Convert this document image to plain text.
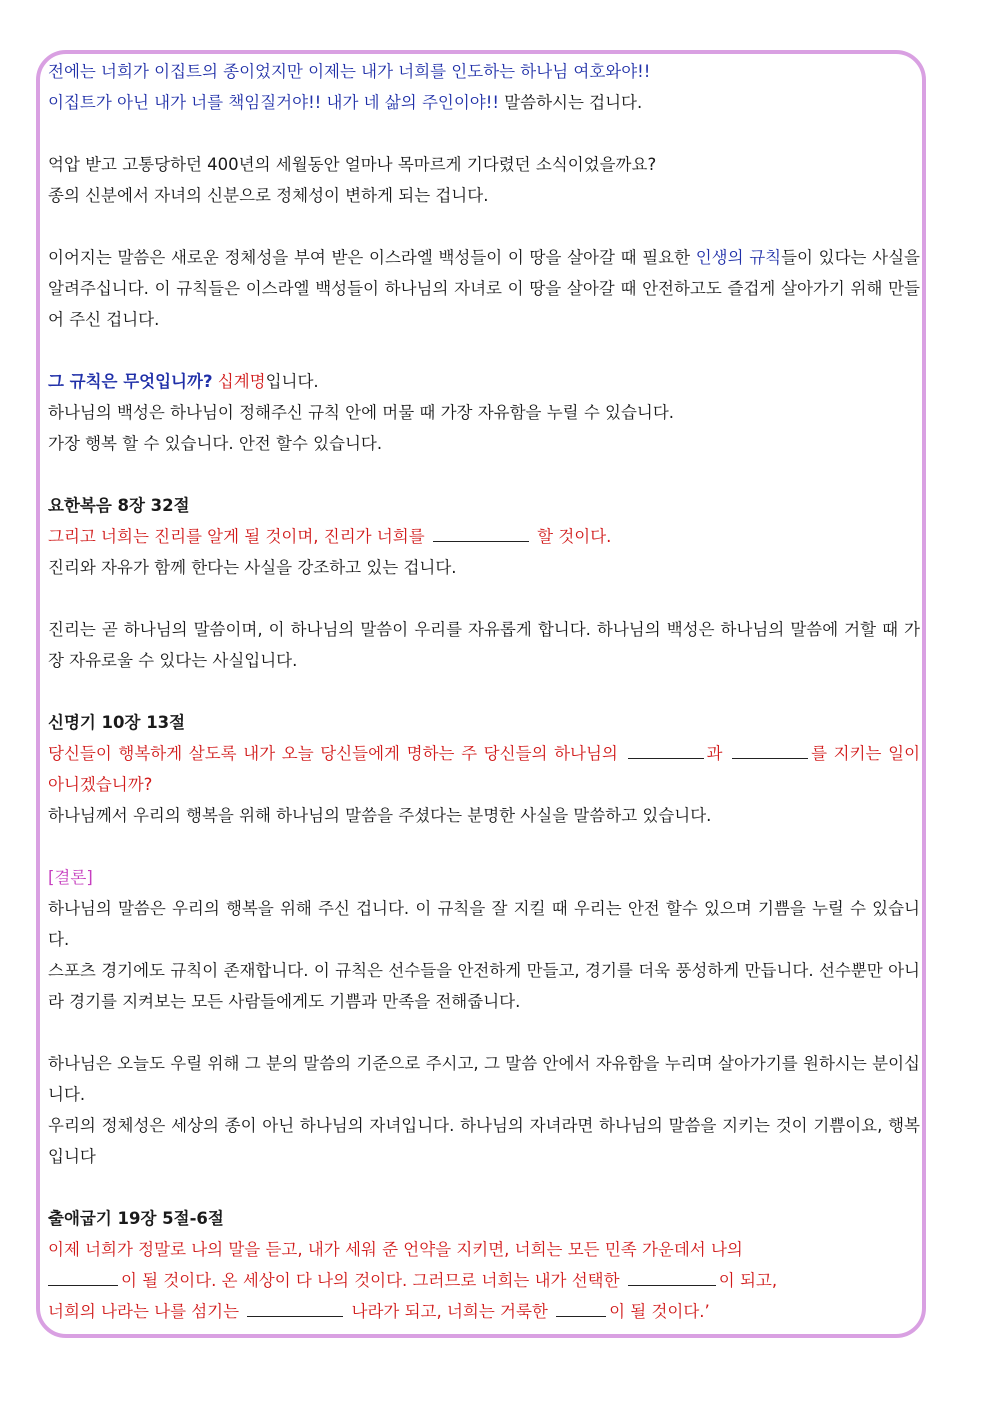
전에는 너희가 이집트의 종이었지만 이제는 내가 너희를 인도하는 하나님 여호와야!!

이집트가 아닌 내가 너를 책임질거야!! 내가 네 삶의 주인이야!! 말씀하시는 겁니다.

억압 받고 고통당하던 400년의 세월동안 얼마나 목마르게 기다렸던 소식이었을까요?

종의 신분에서 자녀의 신분으로 정체성이 변하게 되는 겁니다.

이어지는 말씀은 새로운 정체성을 부여 받은 이스라엘 백성들이 이 땅을 살아갈 때 필요한 인생의 규칙들이 있다는 사실을 알려주십니다. 이 규칙들은 이스라엘 백성들이 하나님의 자녀로 이 땅을 살아갈 때 안전하고도 즐겁게 살아가기 위해 만들어 주신 겁니다.

그 규칙은 무엇입니까? 십계명입니다.

하나님의 백성은 하나님이 정해주신 규칙 안에 머물 때 가장 자유함을 누릴 수 있습니다.

가장 행복 할 수 있습니다. 안전 할수 있습니다.

요한복음 8장 32절

그리고 너희는 진리를 알게 될 것이며, 진리가 너희를	할 것이다.

진리와 자유가 함께 한다는 사실을 강조하고 있는 겁니다.

진리는 곧 하나님의 말씀이며, 이 하나님의 말씀이 우리를 자유롭게 합니다. 하나님의 백성은 하나님의 말씀에 거할 때 가장 자유로울 수 있다는 사실입니다.

신명기 10장 13절

당신들이 행복하게 살도록 내가 오늘 당신들에게 명하는 주 당신들의 하나님의	과	를 지키는 일이 아니겠습니까?

하나님께서 우리의 행복을 위해 하나님의 말씀을 주셨다는 분명한 사실을 말씀하고 있습니다.

[결론]

하나님의 말씀은 우리의 행복을 위해 주신 겁니다. 이 규칙을 잘 지킬 때 우리는 안전 할수 있으며 기쁨을 누릴 수 있습니다.

스포츠 경기에도 규칙이 존재합니다. 이 규칙은 선수들을 안전하게 만들고, 경기를 더욱 풍성하게 만듭니다. 선수뿐만 아니라 경기를 지켜보는 모든 사람들에게도 기쁨과 만족을 전해줍니다.

하나님은 오늘도 우릴 위해 그 분의 말씀의 기준으로 주시고, 그 말씀 안에서 자유함을 누리며 살아가기를 원하시는 분이십니다.

우리의 정체성은 세상의 종이 아닌 하나님의 자녀입니다. 하나님의 자녀라면 하나님의 말씀을 지키는 것이 기쁨이요, 행복입니다

출애굽기 19장 5절-6절

이제 너희가 정말로 나의 말을 듣고, 내가 세워 준 언약을 지키면, 너희는 모든 민족 가운데서 나의

이 될 것이다. 온 세상이 다 나의 것이다. 그러므로 너희는 내가 선택한	이 되고,

너희의 나라는 나를 섬기는	나라가 되고, 너희는 거룩한	이 될 것이다.’
